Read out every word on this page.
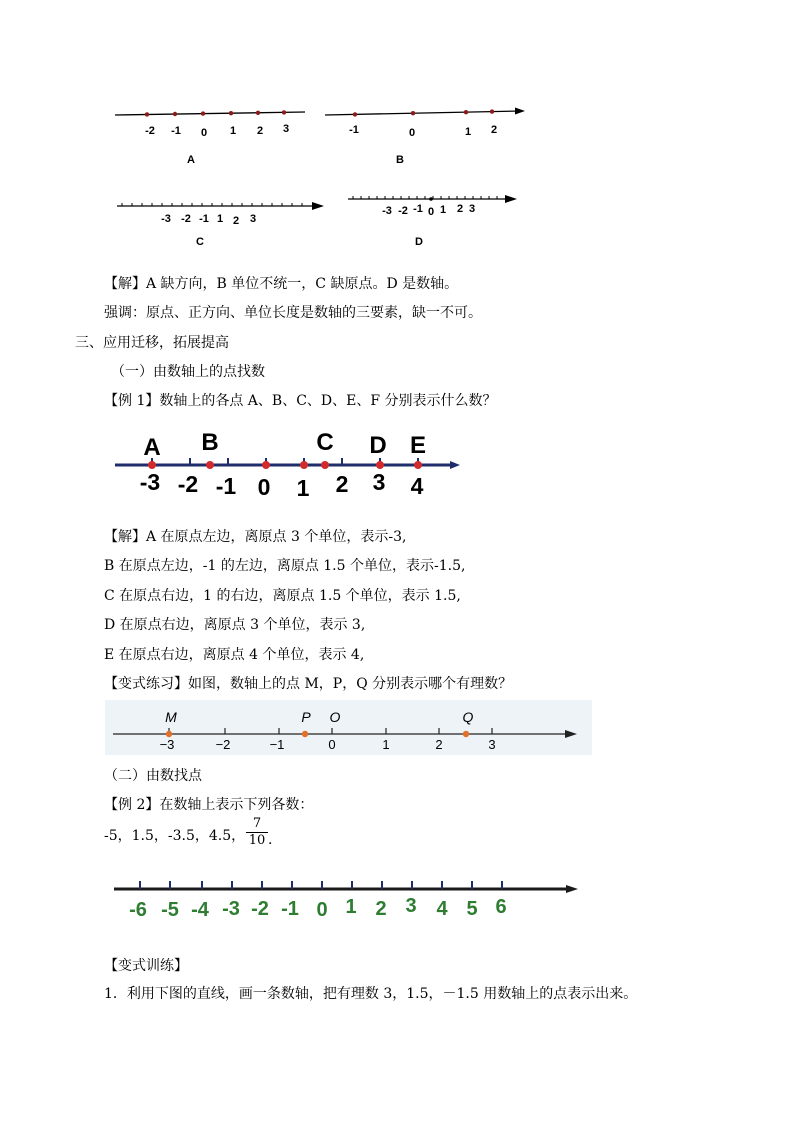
-2 -1 0 1 2 3
A
-1	0	1 2
B
-3 -2 -1 1 2 3
C
-3 -2 -1 0 1 2 3
D
【解】A 缺方向，B 单位不统一，C 缺原点。D 是数轴。
强调：原点、正方向、单位长度是数轴的三要素，缺一不可。
三、应用迁移，拓展提高
（一）由数轴上的点找数
【例 1】数轴上的各点 A、B、C、D、E、F 分别表示什么数？
A B	C D E
-3 -2 -1 0 1 2 3 4
【解】A 在原点左边，离原点 3 个单位，表示-3,
B 在原点左边，-1 的左边，离原点 1.5 个单位，表示-1.5,
C 在原点右边，1 的右边，离原点 1.5 个单位，表示 1.5,
D 在原点右边，离原点 3 个单位，表示 3,
E 在原点右边，离原点 4 个单位，表示 4,
【变式练习】如图，数轴上的点 M，P，Q 分别表示哪个有理数？
M	P O	Q
−3	−2	−1	0	1	2	3
（二）由数找点
【例 2】在数轴上表示下列各数：
-5，1.5，-3.5，4.5， $\frac{7}{10}$ .
-6 -5 -4 -3 -2 -1 0 1 2 3 4 5 6
【变式训练】
1．利用下图的直线，画一条数轴，把有理数 3，1.5，－1.5 用数轴上的点表示出来。
